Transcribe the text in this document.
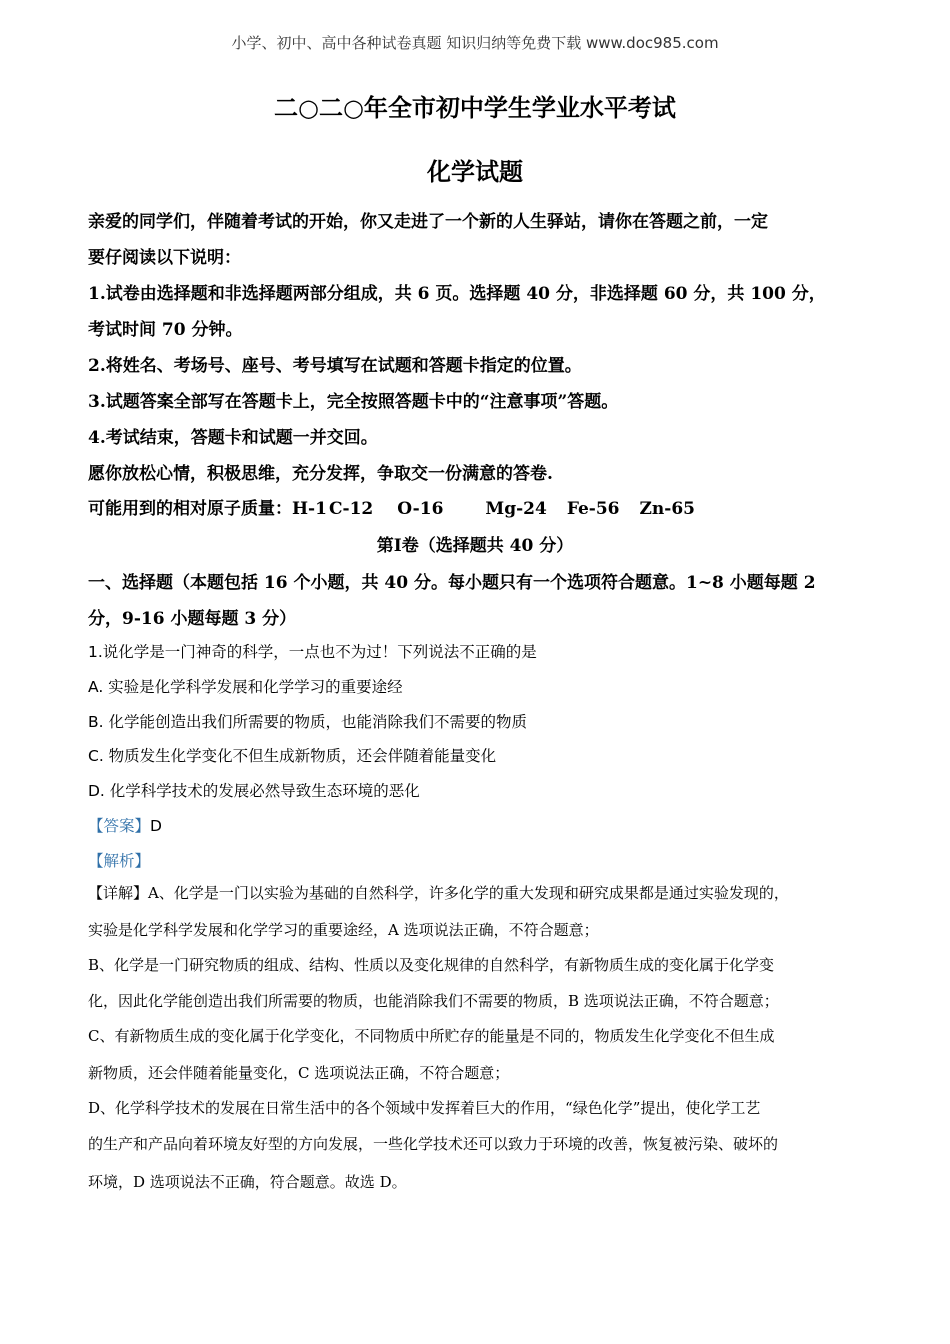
小学、初中、高中各种试卷真题 知识归纳等免费下载 www.doc985.com
二○二○年全市初中学生学业水平考试
化学试题
亲爱的同学们，伴随着考试的开始，你又走进了一个新的人生驿站，请你在答题之前，一定
要仔阅读以下说明：
1.试卷由选择题和非选择题两部分组成，共 6 页。选择题 40 分，非选择题 60 分，共 100 分，
考试时间 70 分钟。
2.将姓名、考场号、座号、考号填写在试题和答题卡指定的位置。
3.试题答案全部写在答题卡上，完全按照答题卡中的“注意事项”答题。
4.考试结束，答题卡和试题一并交回。
愿你放松心情，积极思维，充分发挥，争取交一份满意的答卷.
可能用到的相对原子质量：H-1 C-12 O-16 Mg-24 Fe-56 Zn-65
第Ⅰ卷（选择题共 40 分）
一、选择题（本题包括 16 个小题，共 40 分。每小题只有一个选项符合题意。1~8 小题每题 2
分，9-16 小题每题 3 分）
1.说化学是一门神奇的科学，一点也不为过！下列说法不正确的是
A. 实验是化学科学发展和化学学习的重要途经
B. 化学能创造出我们所需要的物质，也能消除我们不需要的物质
C. 物质发生化学变化不但生成新物质，还会伴随着能量变化
D. 化学科学技术的发展必然导致生态环境的恶化
【答案】D
【解析】
【详解】A、化学是一门以实验为基础的自然科学，许多化学的重大发现和研究成果都是通过实验发现的，
实验是化学科学发展和化学学习的重要途经，A 选项说法正确，不符合题意；
B、化学是一门研究物质的组成、结构、性质以及变化规律的自然科学，有新物质生成的变化属于化学变
化，因此化学能创造出我们所需要的物质，也能消除我们不需要的物质，B 选项说法正确，不符合题意；
C、有新物质生成的变化属于化学变化，不同物质中所贮存的能量是不同的，物质发生化学变化不但生成
新物质，还会伴随着能量变化，C 选项说法正确，不符合题意；
D、化学科学技术的发展在日常生活中的各个领域中发挥着巨大的作用，“绿色化学”提出，使化学工艺
的生产和产品向着环境友好型的方向发展，一些化学技术还可以致力于环境的改善，恢复被污染、破坏的
环境，D 选项说法不正确，符合题意。故选 D。
